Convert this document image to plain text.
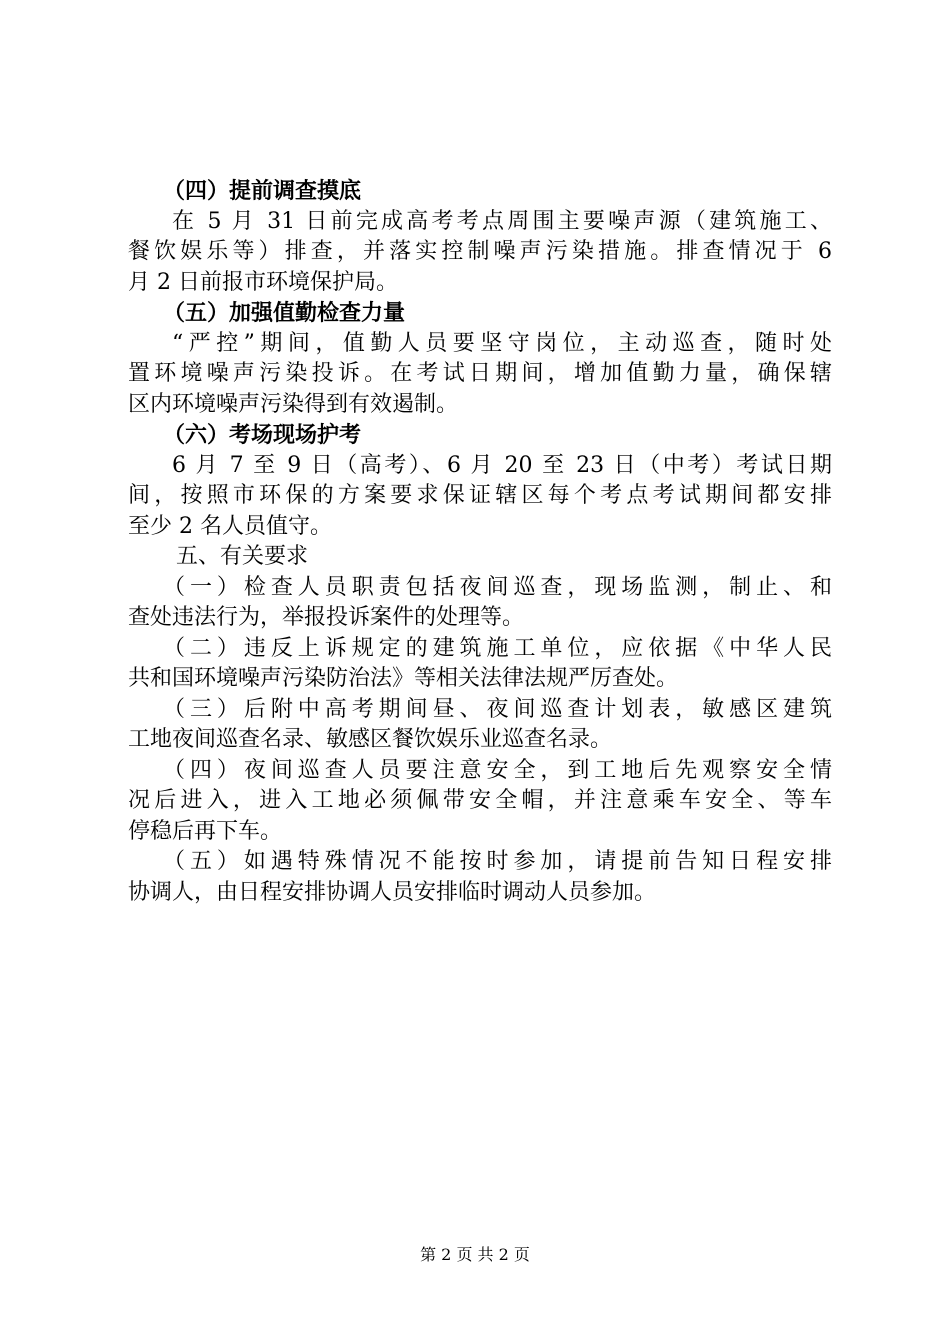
（四）提前调查摸底
在 5 月 31 日前完成高考考点周围主要噪声源（建筑施工、
餐饮娱乐等）排查，并落实控制噪声污染措施。排查情况于 6
月 2 日前报市环境保护局。
（五）加强值勤检查力量
“严控”期间，值勤人员要坚守岗位，主动巡查，随时处
置环境噪声污染投诉。在考试日期间，增加值勤力量，确保辖
区内环境噪声污染得到有效遏制。
（六）考场现场护考
6 月 7 至 9 日（高考）、6 月 20 至 23 日（中考）考试日期
间，按照市环保的方案要求保证辖区每个考点考试期间都安排
至少 2 名人员值守。
五、有关要求
（一）检查人员职责包括夜间巡查，现场监测，制止、和
查处违法行为，举报投诉案件的处理等。
（二）违反上诉规定的建筑施工单位，应依据《中华人民
共和国环境噪声污染防治法》等相关法律法规严厉查处。
（三）后附中高考期间昼、夜间巡查计划表，敏感区建筑
工地夜间巡查名录、敏感区餐饮娱乐业巡查名录。
（四）夜间巡查人员要注意安全，到工地后先观察安全情
况后进入，进入工地必须佩带安全帽，并注意乘车安全、等车
停稳后再下车。
（五）如遇特殊情况不能按时参加，请提前告知日程安排
协调人，由日程安排协调人员安排临时调动人员参加。
第 2 页 共 2 页
